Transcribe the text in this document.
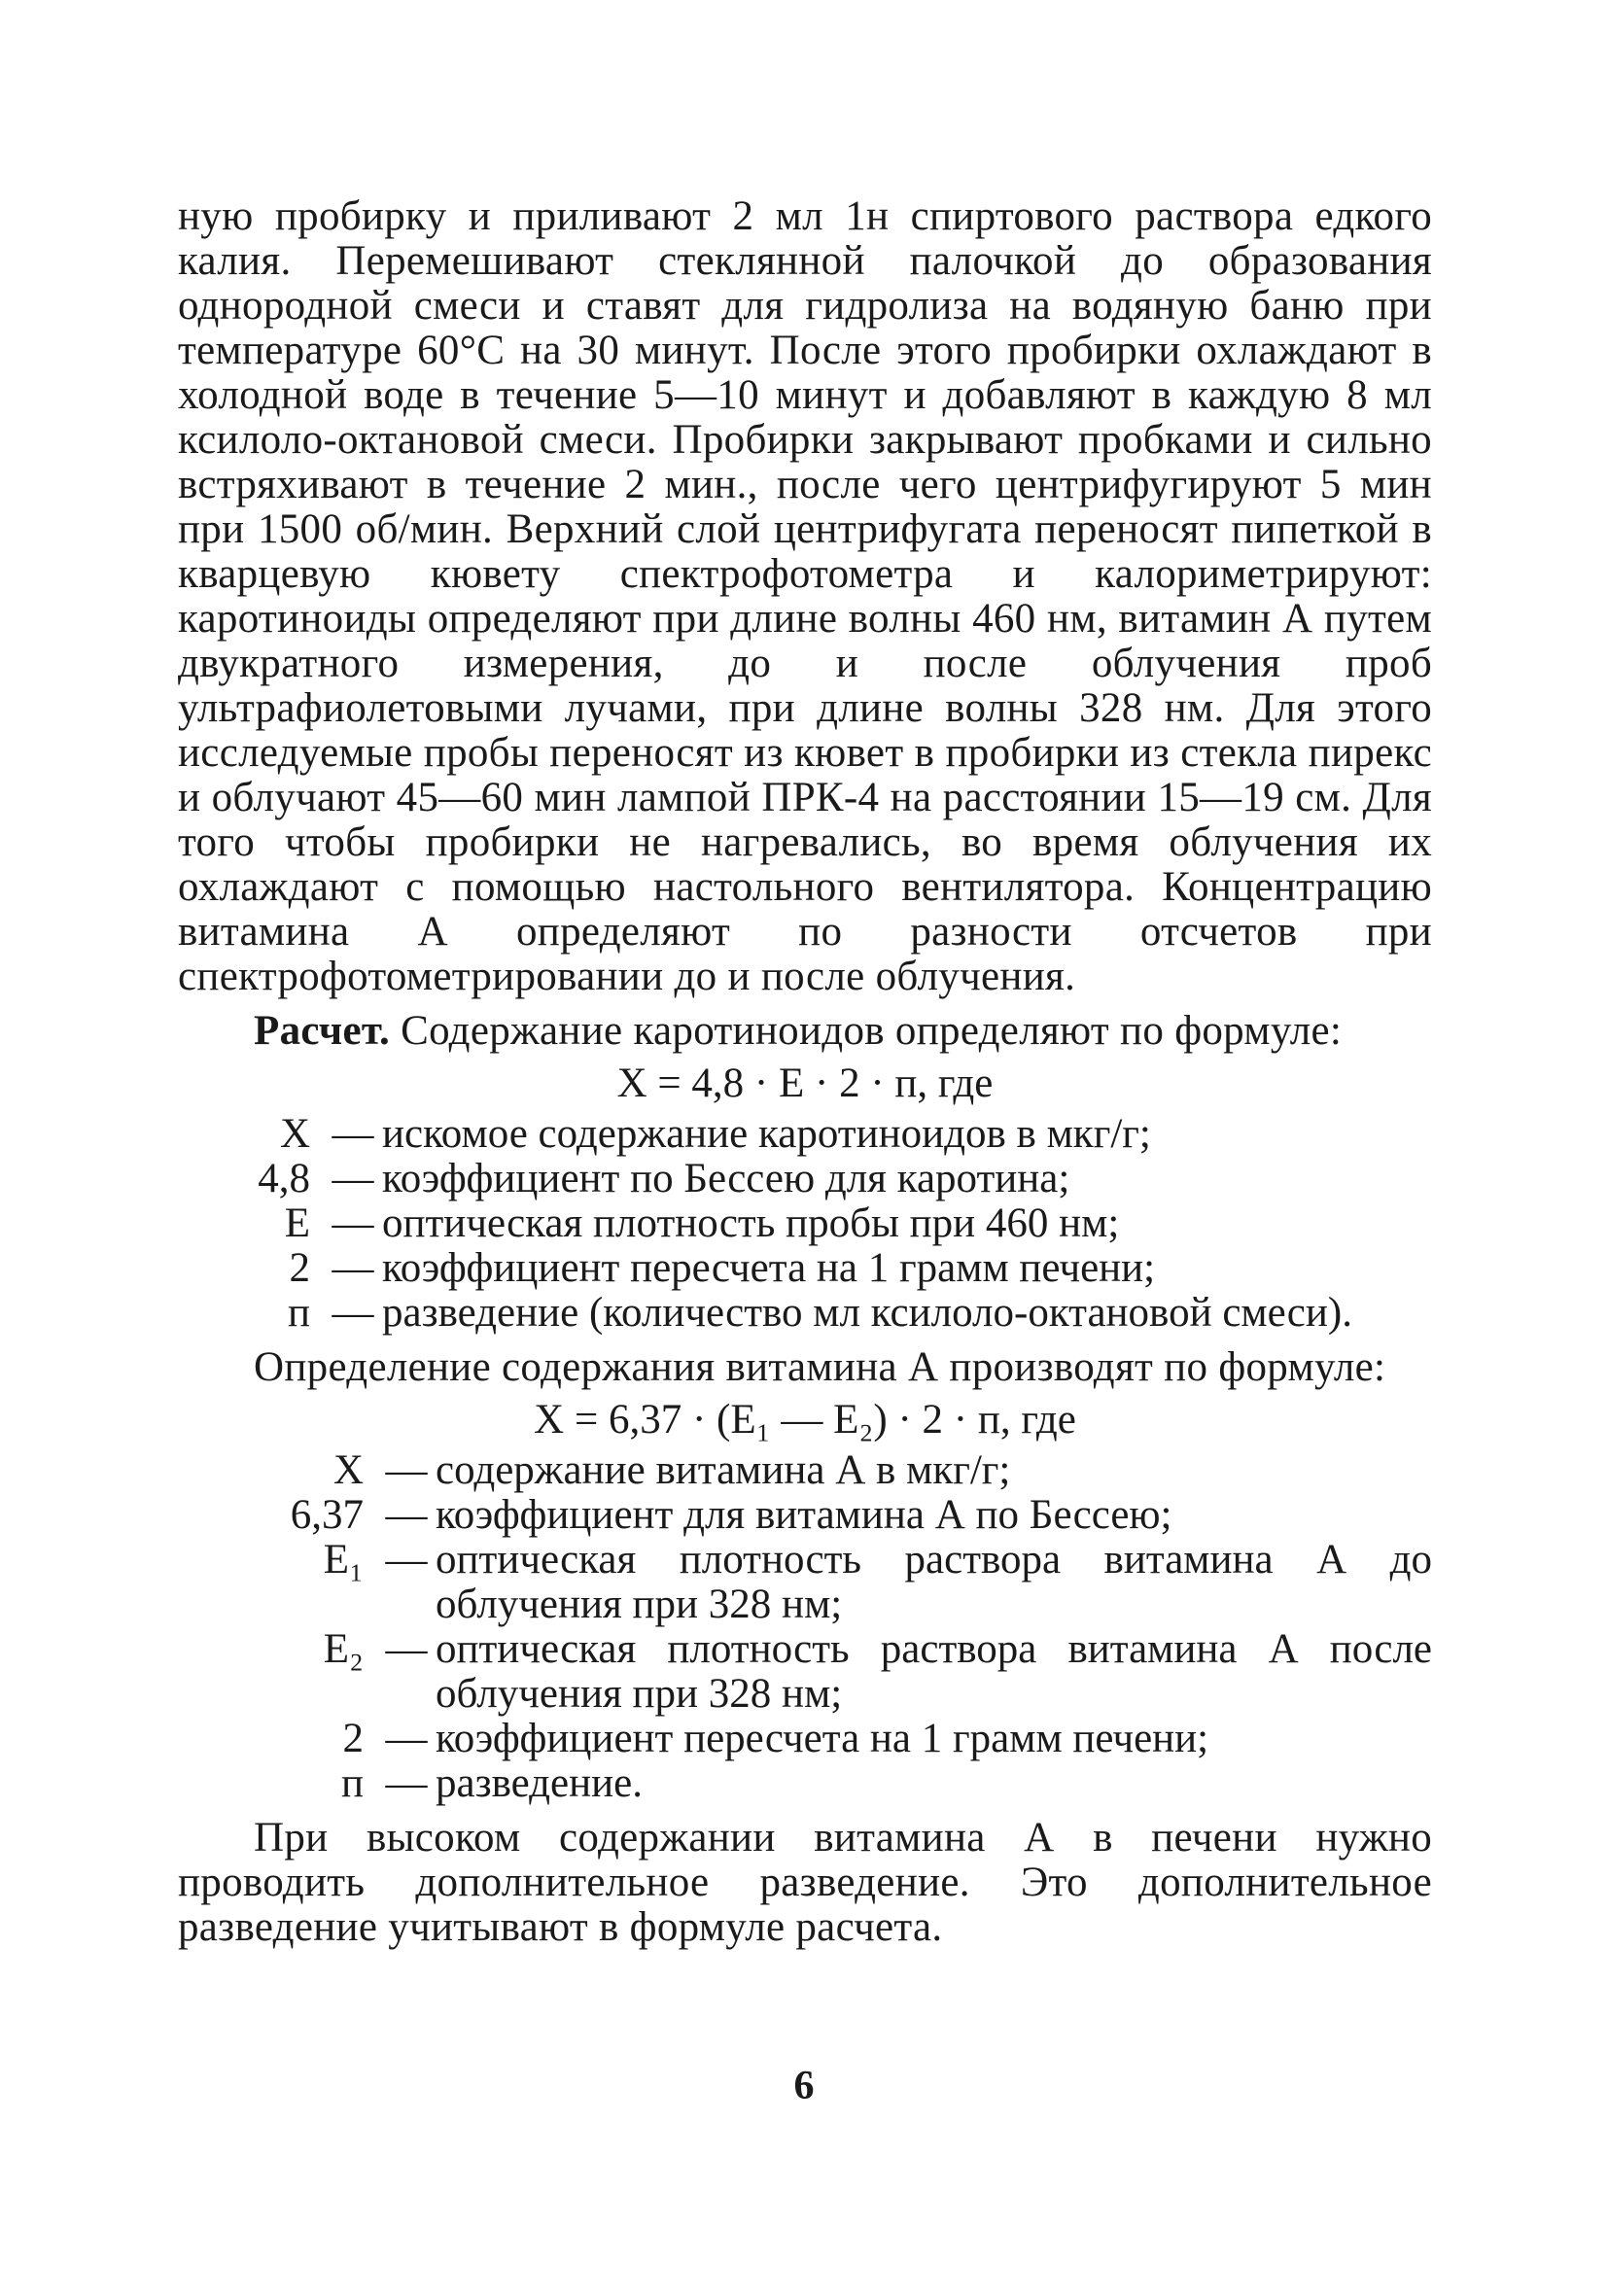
ную пробирку и приливают 2 мл 1н спиртового раствора едкого калия. Перемешивают стеклянной палочкой до образования однородной смеси и ставят для гидролиза на водяную баню при температуре 60°С на 30 минут. После этого пробирки охлаждают в холодной воде в течение 5—10 минут и добавляют в каждую 8 мл ксилоло-октановой смеси. Пробирки закрывают пробками и сильно встряхивают в течение 2 мин., после чего центрифугируют 5 мин при 1500 об/мин. Верхний слой центрифугата переносят пипеткой в кварцевую кювету спектрофотометра и калориметрируют: каротиноиды определяют при длине волны 460 нм, витамин А путем двукратного измерения, до и после облучения проб ультрафиолетовыми лучами, при длине волны 328 нм. Для этого исследуемые пробы переносят из кювет в пробирки из стекла пирекс и облучают 45—60 мин лампой ПРК-4 на расстоянии 15—19 см. Для того чтобы пробирки не нагревались, во время облучения их охлаждают с помощью настольного вентилятора. Концентрацию витамина А определяют по разности отсчетов при спектрофотометрировании до и после облучения.

Расчет. Содержание каротиноидов определяют по формуле:

X = 4,8 · E · 2 · п, где
X — искомое содержание каротиноидов в мкг/г;
4,8 — коэффициент по Бессею для каротина;
E — оптическая плотность пробы при 460 нм;
2 — коэффициент пересчета на 1 грамм печени;
п — разведение (количество мл ксилоло-октановой смеси).

Определение содержания витамина А производят по формуле:

X = 6,37 · (E₁ — E₂) · 2 · п, где
X — содержание витамина А в мкг/г;
6,37 — коэффициент для витамина А по Бессею;
E₁ — оптическая плотность раствора витамина А до облучения при 328 нм;
E₂ — оптическая плотность раствора витамина А после облучения при 328 нм;
2 — коэффициент пересчета на 1 грамм печени;
п — разведение.

При высоком содержании витамина А в печени нужно проводить дополнительное разведение. Это дополнительное разведение учитывают в формуле расчета.

6
